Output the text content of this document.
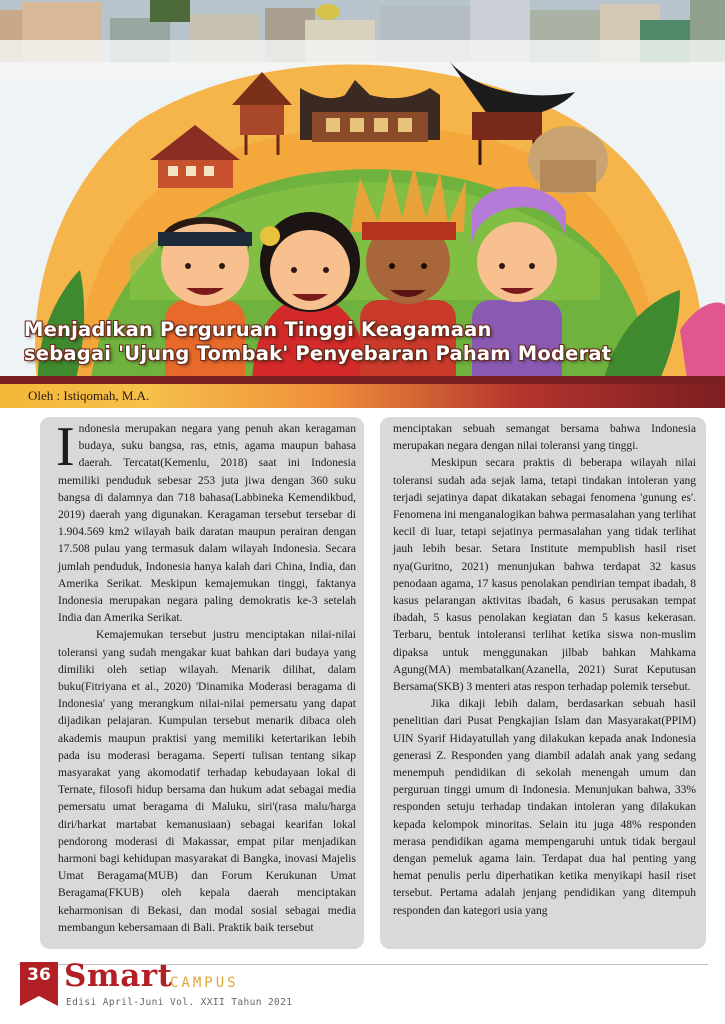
Menjadikan Perguruan Tinggi Keagamaan
sebagai 'Ujung Tombak' Penyebaran Paham Moderat
Oleh : Istiqomah, M.A.

Indonesia merupakan negara yang penuh akan keragaman budaya, suku bangsa, ras, etnis, agama maupun bahasa daerah. Tercatat(Kemenlu, 2018) saat ini Indonesia memiliki penduduk sebesar 253 juta jiwa dengan 360 suku bangsa di dalamnya dan 718 bahasa(Labbineka Kemendikbud, 2019) daerah yang digunakan. Keragaman tersebut tersebar di 1.904.569 km2 wilayah baik daratan maupun perairan dengan 17.508 pulau yang termasuk dalam wilayah Indonesia. Secara jumlah penduduk, Indonesia hanya kalah dari China, India, dan Amerika Serikat. Meskipun kemajemukan tinggi, faktanya Indonesia merupakan negara paling demokratis ke-3 setelah India dan Amerika Serikat.

Kemajemukan tersebut justru menciptakan nilai-nilai toleransi yang sudah mengakar kuat bahkan dari budaya yang dimiliki oleh setiap wilayah. Menarik dilihat, dalam buku(Fitriyana et al., 2020) 'Dinamika Moderasi beragama di Indonesia' yang merangkum nilai-nilai pemersatu yang dapat dijadikan pelajaran. Kumpulan tersebut menarik dibaca oleh akademis maupun praktisi yang memiliki ketertarikan lebih pada isu moderasi beragama. Seperti tulisan tentang sikap masyarakat yang akomodatif terhadap kebudayaan lokal di Ternate, filosofi hidup bersama dan hukum adat sebagai media pemersatu umat beragama di Maluku, siri'(rasa malu/harga diri/harkat martabat kemanusiaan) sebagai kearifan lokal pendorong moderasi di Makassar, empat pilar menjadikan harmoni bagi kehidupan masyarakat di Bangka, inovasi Majelis Umat Beragama(MUB) dan Forum Kerukunan Umat Beragama(FKUB) oleh kepala daerah menciptakan keharmonisan di Bekasi, dan modal sosial sebagai media membangun kebersamaan di Bali. Praktik baik tersebut

menciptakan sebuah semangat bersama bahwa Indonesia merupakan negara dengan nilai toleransi yang tinggi.

Meskipun secara praktis di beberapa wilayah nilai toleransi sudah ada sejak lama, tetapi tindakan intoleran yang terjadi sejatinya dapat dikatakan sebagai fenomena 'gunung es'. Fenomena ini menganalogikan bahwa permasalahan yang terlihat kecil di luar, tetapi sejatinya permasalahan yang tidak terlihat jauh lebih besar. Setara Institute mempublish hasil riset nya(Guritno, 2021) menunjukan bahwa terdapat 32 kasus penodaan agama, 17 kasus penolakan pendirian tempat ibadah, 8 kasus pelarangan aktivitas ibadah, 6 kasus perusakan tempat ibadah, 5 kasus penolakan kegiatan dan 5 kasus kekerasan. Terbaru, bentuk intoleransi terlihat ketika siswa non-muslim dipaksa untuk menggunakan jilbab bahkan Mahkama Agung(MA) membatalkan(Azanella, 2021) Surat Keputusan Bersama(SKB) 3 menteri atas respon terhadap polemik tersebut.

Jika dikaji lebih dalam, berdasarkan sebuah hasil penelitian dari Pusat Pengkajian Islam dan Masyarakat(PPIM) UIN Syarif Hidayatullah yang dilakukan kepada anak Indonesia generasi Z. Responden yang diambil adalah anak yang sedang menempuh pendidikan di sekolah menengah umum dan perguruan tinggi umum di Indonesia. Menunjukan bahwa, 33% responden setuju terhadap tindakan intoleran yang dilakukan kepada kelompok minoritas. Selain itu juga 48% responden merasa pendidikan agama mempengaruhi untuk tidak bergaul dengan pemeluk agama lain. Terdapat dua hal penting yang hemat penulis perlu diperhatikan ketika menyikapi hasil riset tersebut. Pertama adalah jenjang pendidikan yang ditempuh responden dan kategori usia yang

36 Smart
CAMPUS
Edisi April-Juni Vol. XXII Tahun 2021
